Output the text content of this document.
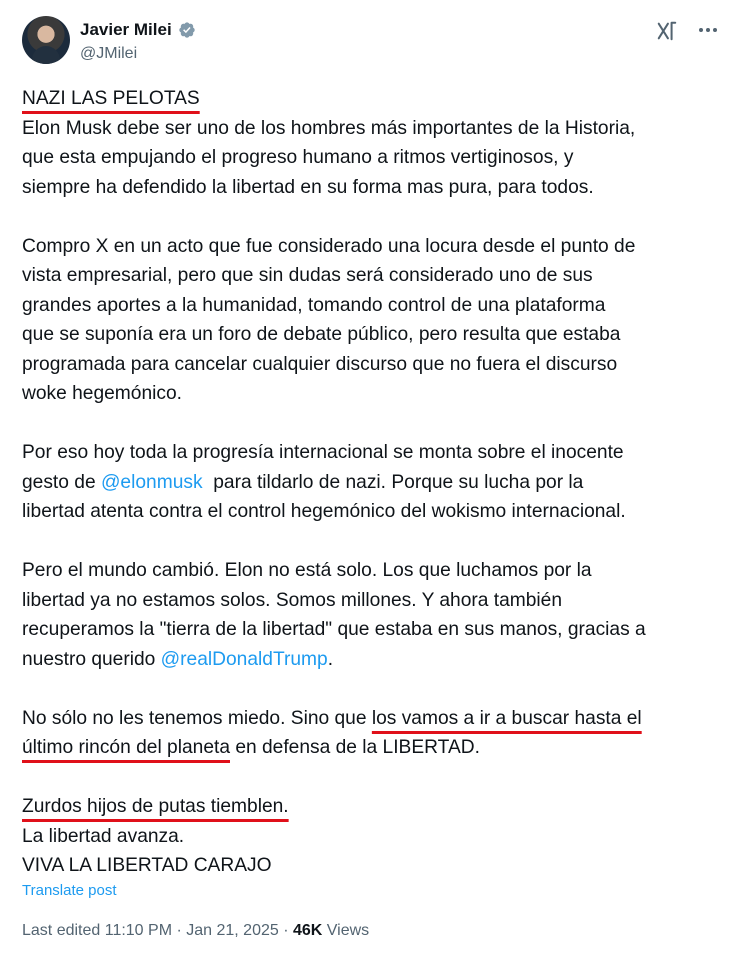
Javier Milei
@JMilei
NAZI LAS PELOTAS
Elon Musk debe ser uno de los hombres más importantes de la Historia,
que esta empujando el progreso humano a ritmos vertiginosos, y
siempre ha defendido la libertad en su forma mas pura, para todos.
Compro X en un acto que fue considerado una locura desde el punto de
vista empresarial, pero que sin dudas será considerado uno de sus
grandes aportes a la humanidad, tomando control de una plataforma
que se suponía era un foro de debate público, pero resulta que estaba
programada para cancelar cualquier discurso que no fuera el discurso
woke hegemónico.
Por eso hoy toda la progresía internacional se monta sobre el inocente
gesto de @elonmusk  para tildarlo de nazi. Porque su lucha por la
libertad atenta contra el control hegemónico del wokismo internacional.
Pero el mundo cambió. Elon no está solo. Los que luchamos por la
libertad ya no estamos solos. Somos millones. Y ahora también
recuperamos la "tierra de la libertad" que estaba en sus manos, gracias a
nuestro querido @realDonaldTrump.
No sólo no les tenemos miedo. Sino que los vamos a ir a buscar hasta el
último rincón del planeta en defensa de la LIBERTAD.
Zurdos hijos de putas tiemblen.
La libertad avanza.
VIVA LA LIBERTAD CARAJO
Translate post
Last edited 11:10 PM · Jan 21, 2025 · 46K Views
